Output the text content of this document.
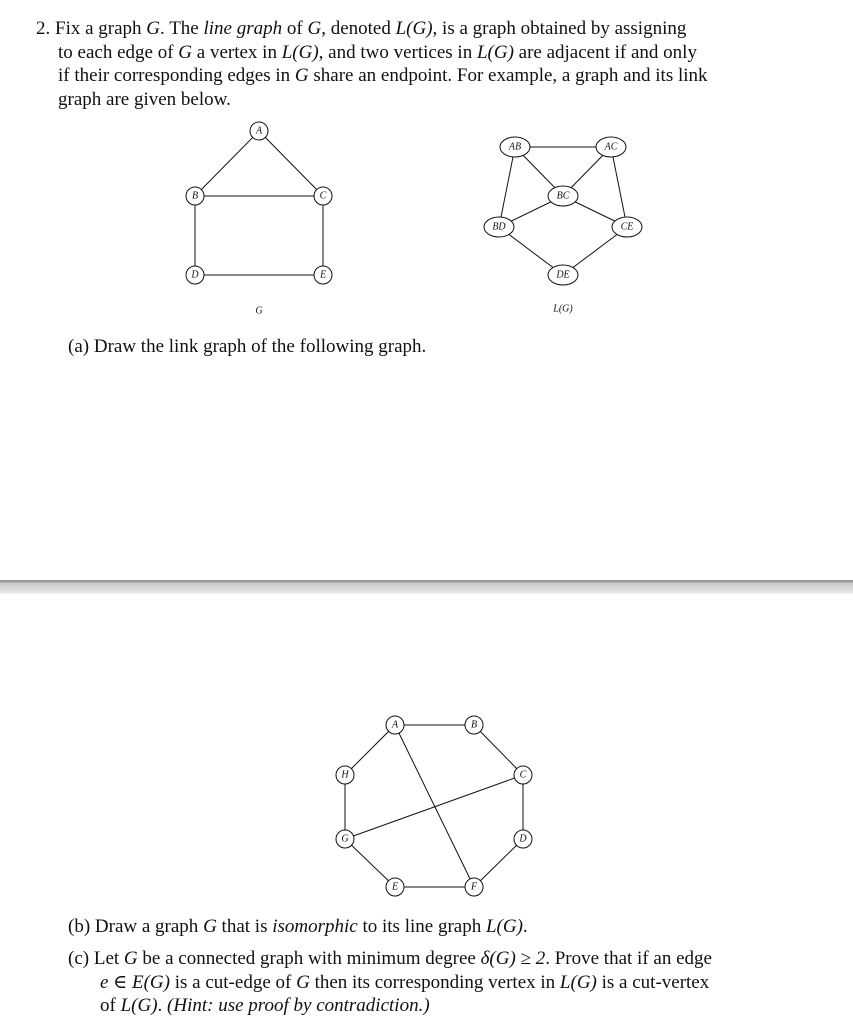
2. Fix a graph G. The line graph of G, denoted L(G), is a graph obtained by assigning

to each edge of G a vertex in L(G), and two vertices in L(G) are adjacent if and only

if their corresponding edges in G share an endpoint. For example, a graph and its link

graph are given below.

A
B	C
D	E
AB	AC
BC
BD	CE
DE
G	L(G)

(a) Draw the link graph of the following graph.

A	B
C
D
E	F
G
H

(b) Draw a graph G that is isomorphic to its line graph L(G).

(c) Let G be a connected graph with minimum degree δ(G) ≥ 2. Prove that if an edge

e ∈ E(G) is a cut-edge of G then its corresponding vertex in L(G) is a cut-vertex

of L(G). (Hint: use proof by contradiction.)
